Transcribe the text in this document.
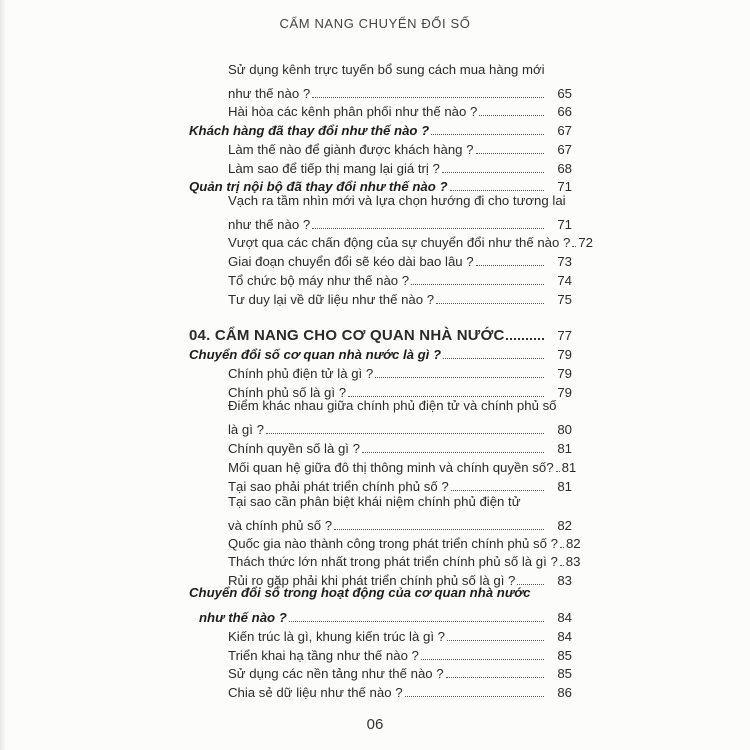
CẨM NANG CHUYỂN ĐỔI SỐ
Sử dụng kênh trực tuyến bổ sung cách mua hàng mới
như thế nào ?	65
Hài hòa các kênh phân phối như thế nào ?	66
Khách hàng đã thay đổi như thế nào ?	67
Làm thế nào để giành được khách hàng ?	67
Làm sao để tiếp thị mang lại giá trị ?	68
Quản trị nội bộ đã thay đổi như thế nào ?	71
Vạch ra tầm nhìn mới và lựa chọn hướng đi cho tương lai
như thế nào ?	71
Vượt qua các chấn động của sự chuyển đổi như thế nào ? 72
Giai đoạn chuyển đổi sẽ kéo dài bao lâu ?	73
Tổ chức bộ máy như thế nào ?	74
Tư duy lại về dữ liệu như thế nào ?	75
04. CẨM NANG CHO CƠ QUAN NHÀ NƯỚC	77
Chuyển đổi số cơ quan nhà nước là gì ?	79
Chính phủ điện tử là gì ?	79
Chính phủ số là gì ?	79
Điểm khác nhau giữa chính phủ điện tử và chính phủ số
là gì ?	80
Chính quyền số là gì ?	81
Mối quan hệ giữa đô thị thông minh và chính quyền số? 81
Tại sao phải phát triển chính phủ số ?	81
Tại sao cần phân biệt khái niệm chính phủ điện tử
và chính phủ số ?	82
Quốc gia nào thành công trong phát triển chính phủ số ? 82
Thách thức lớn nhất trong phát triển chính phủ số là gì ? 83
Rủi ro gặp phải khi phát triển chính phủ số là gì ?	83
Chuyển đổi số trong hoạt động của cơ quan nhà nước
như thế nào ?	84
Kiến trúc là gì, khung kiến trúc là gì ?	84
Triển khai hạ tầng như thế nào ?	85
Sử dụng các nền tảng như thế nào ?	85
Chia sẻ dữ liệu như thế nào ?	86
06
